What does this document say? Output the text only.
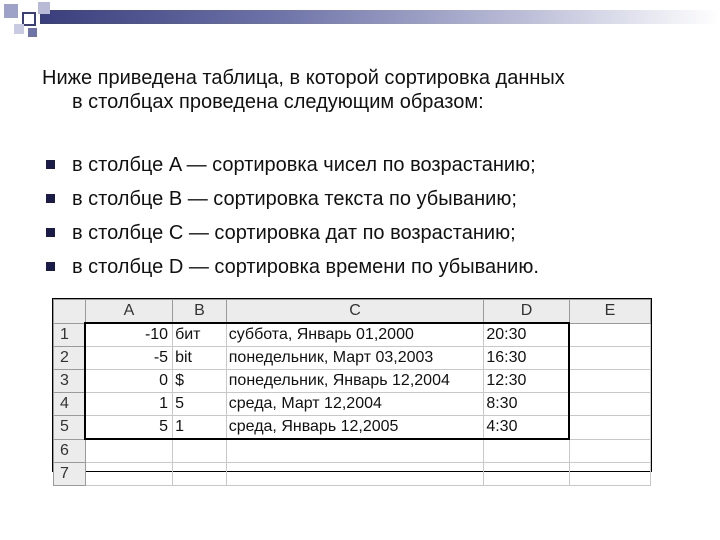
Ниже приведена таблица, в которой сортировка данных
в столбцах проведена следующим образом:
в столбце A — сортировка чисел по возрастанию;
в столбце B — сортировка текста по убыванию;
в столбце C — сортировка дат по возрастанию;
в столбце D — сортировка времени по убыванию.
	A	B	C	D	E
1	-10	бит	суббота, Январь 01,2000	20:30	
2	-5	bit	понедельник, Март 03,2003	16:30	
3	0	$	понедельник, Январь 12,2004	12:30	
4	1	5	среда, Март 12,2004	8:30	
5	5	1	среда, Январь 12,2005	4:30	
6					
7					
